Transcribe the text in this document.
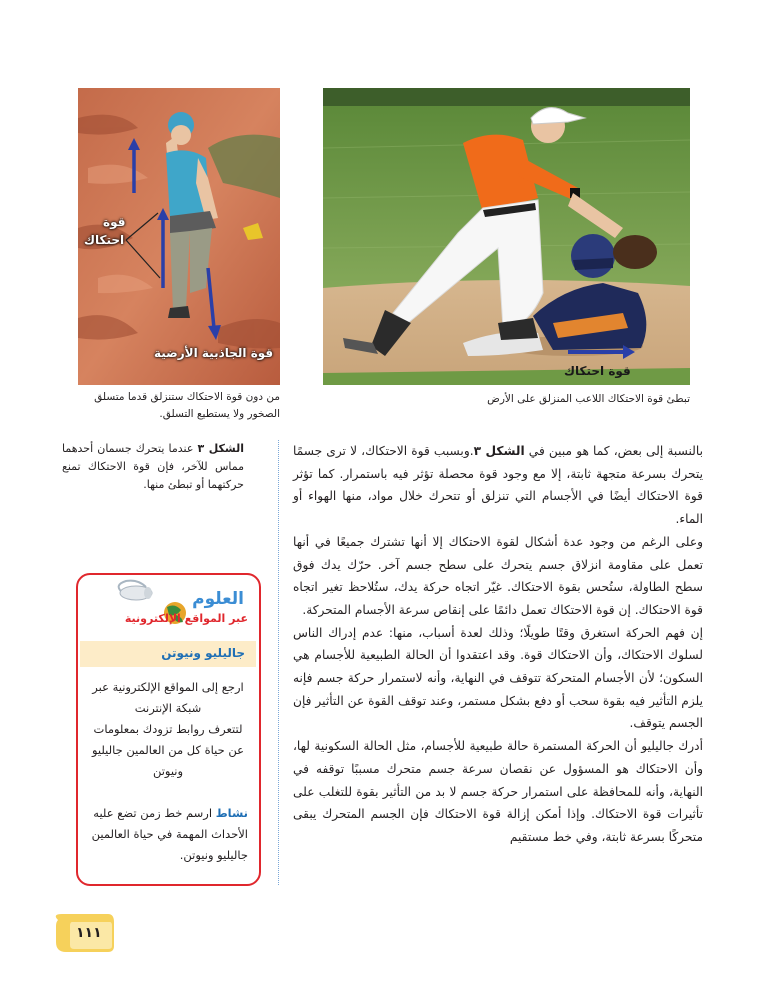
قوة احتكاك
تبطئ قوة الاحتكاك اللاعب المنزلق على الأرض
قوة
احتكاك
قوة الجاذبية الأرضية
من دون قوة الاحتكاك ستنزلق قدما متسلق الصخور ولا يستطيع التسلق.
الشكل ٣ عندما يتحرك جسمان أحدهما مماس للآخر، فإن قوة الاحتكاك تمنع حركتهما أو تبطئ منها.

بالنسبة إلى بعض، كما هو مبين في الشكل ٣.وبسبب قوة الاحتكاك، لا ترى جسمًا يتحرك بسرعة متجهة ثابتة، إلا مع وجود قوة محصلة تؤثر فيه باستمرار. كما تؤثر قوة الاحتكاك أيضًا في الأجسام التي تنزلق أو تتحرك خلال مواد، منها الهواء أو الماء.

وعلى الرغم من وجود عدة أشكال لقوة الاحتكاك إلا أنها تشترك جميعًا في أنها تعمل على مقاومة انزلاق جسم يتحرك على سطح جسم آخر. حرّك يدك فوق سطح الطاولة، ستُحس بقوة الاحتكاك. غيّر اتجاه حركة يدك، ستُلاحظ تغير اتجاه قوة الاحتكاك. إن قوة الاحتكاك تعمل دائمًا على إنقاص سرعة الأجسام المتحركة.

إن فهم الحركة استغرق وقتًا طويلًا؛ وذلك لعدة أسباب، منها: عدم إدراك الناس لسلوك الاحتكاك، وأن الاحتكاك قوة. وقد اعتقدوا أن الحالة الطبيعية للأجسام هي السكون؛ لأن الأجسام المتحركة تتوقف في النهاية، وأنه لاستمرار حركة جسم فإنه يلزم التأثير فيه بقوة سحب أو دفع بشكل مستمر، وعند توقف القوة عن التأثير فإن الجسم يتوقف.

أدرك جاليليو أن الحركة المستمرة حالة طبيعية للأجسام، مثل الحالة السكونية لها، وأن الاحتكاك هو المسؤول عن نقصان سرعة جسم متحرك مسببًا توقفه في النهاية، وأنه للمحافظة على استمرار حركة جسم لا بد من التأثير بقوة للتغلب على تأثيرات قوة الاحتكاك. وإذا أمكن إزالة قوة الاحتكاك فإن الجسم المتحرك يبقى متحركًا بسرعة ثابتة، وفي خط مستقيم

العلوم
عبر المواقع الإلكترونية
جاليليو ونيوتن

ارجع إلى المواقع الإلكترونية عبر شبكة الإنترنت

لتتعرف روابط تزودك بمعلومات عن حياة كل من العالمين جاليليو ونيوتن

نشاط ارسم خط زمن تضع عليه الأحداث المهمة في حياة العالمين جاليليو ونيوتن.
١١١
